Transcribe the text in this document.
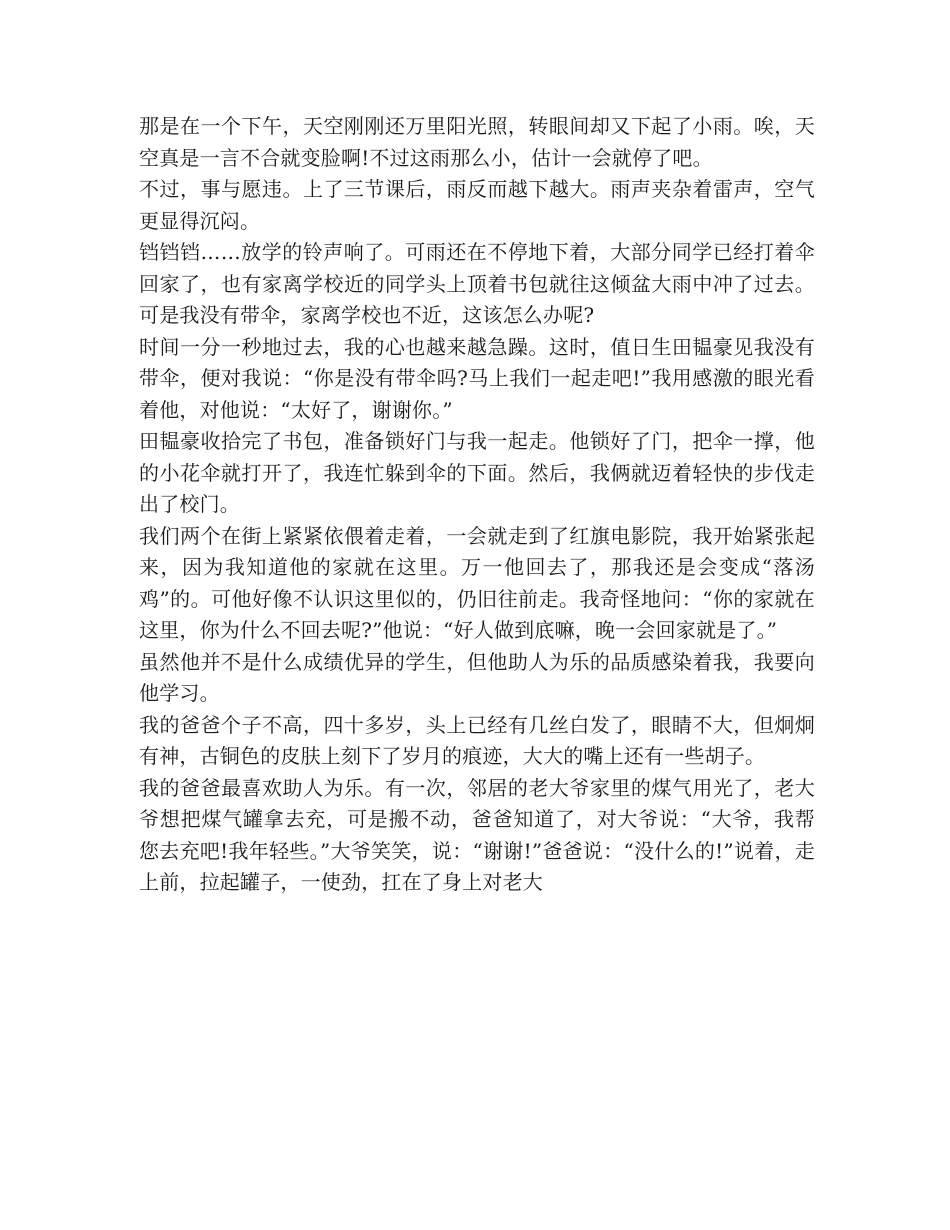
那是在一个下午，天空刚刚还万里阳光照，转眼间却又下起了小雨。唉，天空真是一言不合就变脸啊!不过这雨那么小，估计一会就停了吧。

不过，事与愿违。上了三节课后，雨反而越下越大。雨声夹杂着雷声，空气更显得沉闷。

铛铛铛……放学的铃声响了。可雨还在不停地下着，大部分同学已经打着伞回家了，也有家离学校近的同学头上顶着书包就往这倾盆大雨中冲了过去。可是我没有带伞，家离学校也不近，这该怎么办呢?

时间一分一秒地过去，我的心也越来越急躁。这时，值日生田韫豪见我没有带伞，便对我说：“你是没有带伞吗?马上我们一起走吧!”我用感激的眼光看着他，对他说：“太好了，谢谢你。”

田韫豪收拾完了书包，准备锁好门与我一起走。他锁好了门，把伞一撑，他的小花伞就打开了，我连忙躲到伞的下面。然后，我俩就迈着轻快的步伐走出了校门。

我们两个在街上紧紧依偎着走着，一会就走到了红旗电影院，我开始紧张起来，因为我知道他的家就在这里。万一他回去了，那我还是会变成“落汤鸡”的。可他好像不认识这里似的，仍旧往前走。我奇怪地问：“你的家就在这里，你为什么不回去呢?”他说：“好人做到底嘛，晚一会回家就是了。”

虽然他并不是什么成绩优异的学生，但他助人为乐的品质感染着我，我要向他学习。

我的爸爸个子不高，四十多岁，头上已经有几丝白发了，眼睛不大，但炯炯有神，古铜色的皮肤上刻下了岁月的痕迹，大大的嘴上还有一些胡子。

我的爸爸最喜欢助人为乐。有一次，邻居的老大爷家里的煤气用光了，老大爷想把煤气罐拿去充，可是搬不动，爸爸知道了，对大爷说：“大爷，我帮您去充吧!我年轻些。”大爷笑笑，说：“谢谢!”爸爸说：“没什么的!”说着，走上前，拉起罐子，一使劲，扛在了身上对老大
